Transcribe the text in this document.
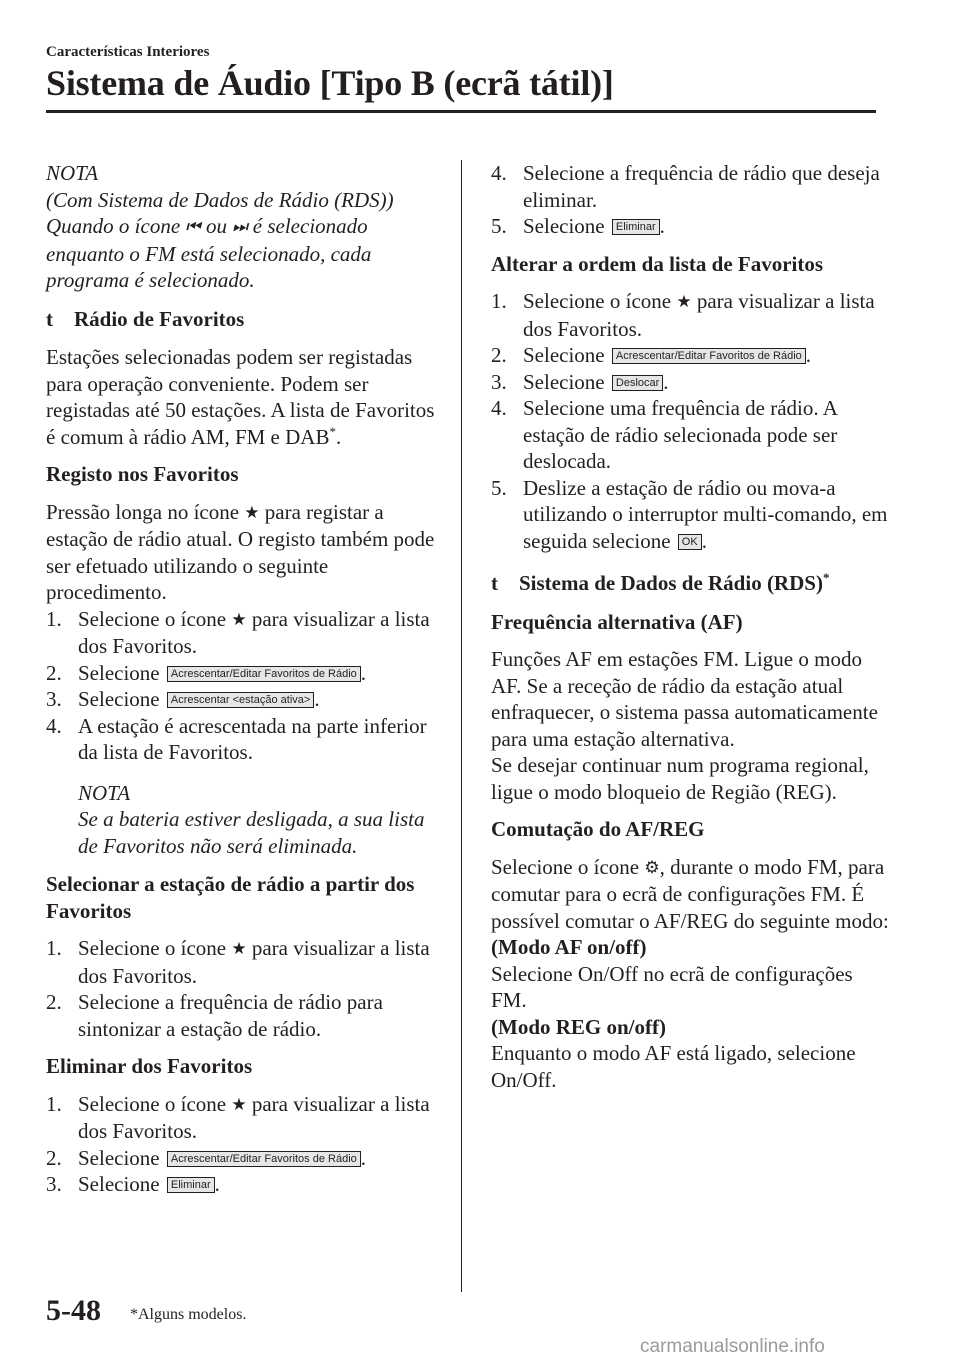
Características Interiores
Sistema de Áudio [Tipo B (ecrã tátil)]

NOTA

(Com Sistema de Dados de Rádio (RDS))

Quando o ícone ⏮ ou ⏭ é selecionado enquanto o FM está selecionado, cada programa é selecionado.

t Rádio de Favoritos

Estações selecionadas podem ser registadas para operação conveniente. Podem ser registadas até 50 estações. A lista de Favoritos é comum à rádio AM, FM e DAB*.

Registo nos Favoritos

Pressão longa no ícone ★ para registar a estação de rádio atual. O registo também pode ser efetuado utilizando o seguinte procedimento.

1. Selecione o ícone ★ para visualizar a lista dos Favoritos.
2. Selecione Acrescentar/Editar Favoritos de Rádio .
3. Selecione Acrescentar <estação ativa> .
4. A estação é acrescentada na parte inferior da lista de Favoritos.

NOTA

Se a bateria estiver desligada, a sua lista de Favoritos não será eliminada.

Selecionar a estação de rádio a partir dos Favoritos

1. Selecione o ícone ★ para visualizar a lista dos Favoritos.
2. Selecione a frequência de rádio para sintonizar a estação de rádio.

Eliminar dos Favoritos

1. Selecione o ícone ★ para visualizar a lista dos Favoritos.
2. Selecione Acrescentar/Editar Favoritos de Rádio .
3. Selecione Eliminar .
4. Selecione a frequência de rádio que deseja eliminar.
5. Selecione Eliminar .

Alterar a ordem da lista de Favoritos

1. Selecione o ícone ★ para visualizar a lista dos Favoritos.
2. Selecione Acrescentar/Editar Favoritos de Rádio .
3. Selecione Deslocar .
4. Selecione uma frequência de rádio. A estação de rádio selecionada pode ser deslocada.
5. Deslize a estação de rádio ou mova-a utilizando o interruptor multi-comando, em seguida selecione OK .

t Sistema de Dados de Rádio (RDS)*

Frequência alternativa (AF)

Funções AF em estações FM. Ligue o modo AF. Se a receção de rádio da estação atual enfraquecer, o sistema passa automaticamente para uma estação alternativa.

Se desejar continuar num programa regional, ligue o modo bloqueio de Região (REG).

Comutação do AF/REG

Selecione o ícone ⚙, durante o modo FM, para comutar para o ecrã de configurações FM. É possível comutar o AF/REG do seguinte modo:

(Modo AF on/off)

Selecione On/Off no ecrã de configurações FM.

(Modo REG on/off)

Enquanto o modo AF está ligado, selecione On/Off.

5-48 *Alguns modelos.
carmanualsonline.info
